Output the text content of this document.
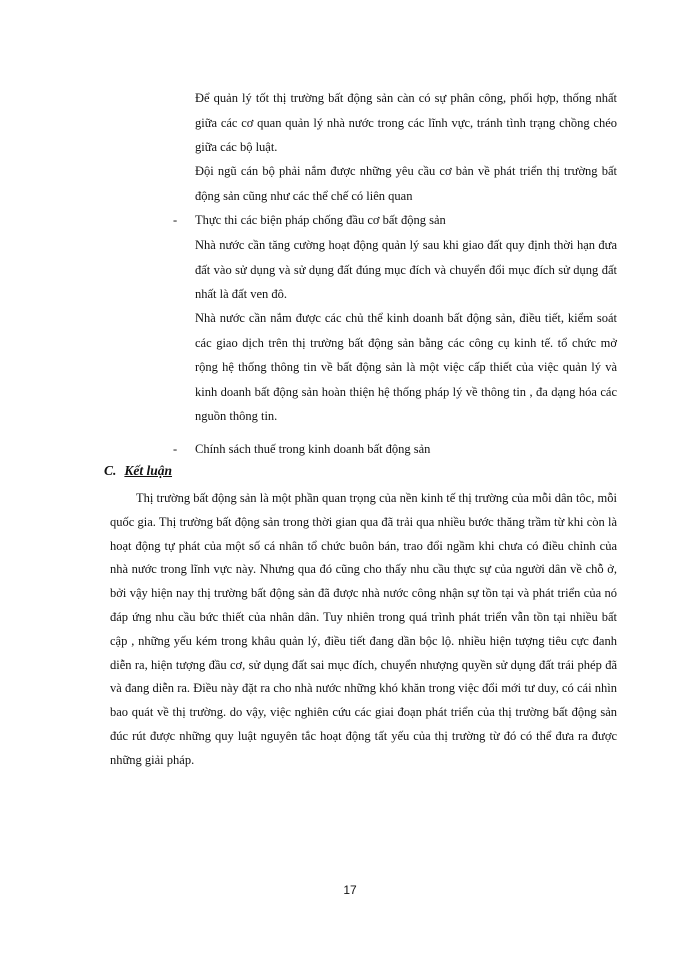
Để quản lý tốt thị trường bất động sản càn có sự phân công, phối hợp, thống nhất giữa các cơ quan quản lý nhà nước trong các lĩnh vực, tránh tình trạng chồng chéo giữa các bộ luật.
Đội ngũ cán bộ phải nắm được những yêu cầu cơ bản về phát triển thị trường bất động sản cũng như các thể chế có liên quan
- Thực thi các biện pháp chống đầu cơ bất động sản
Nhà nước cần tăng cường hoạt động quản lý sau khi giao đất quy định thời hạn đưa đất vào sử dụng và sử dụng đất đúng mục đích và chuyển đổi mục đích sử dụng đất nhất là đất ven đô.
Nhà nước cần nắm được các chủ thể kinh doanh bất động sản, điều tiết, kiểm soát các giao dịch trên thị trường bất động sản bằng các công cụ kinh tế. tổ chức mở rộng hệ thống thông tin về bất động sản là một việc cấp thiết của việc quản lý và kinh doanh bất động sản hoàn thiện hệ thống pháp lý về thông tin , đa dạng hóa các nguồn thông tin.
- Chính sách thuế trong kinh doanh bất động sản
C. Kết luận
Thị trường bất động sản là một phần quan trọng của nền kinh tế thị trường của mỗi dân tôc, mỗi quốc gia. Thị trường bất động sản trong thời gian qua đã trải qua nhiều bước thăng trầm từ khi còn là hoạt động tự phát của một số cá nhân tổ chức buôn bán, trao đổi ngầm khi chưa có điều chỉnh của nhà nước trong lĩnh vực này. Nhưng qua đó cũng cho thấy nhu cầu thực sự của người dân về chỗ ở, bởi vậy hiện nay thị trường bất động sản đã được nhà nước công nhận sự tồn tại và phát triển của nó đáp ứng nhu cầu bức thiết của nhân dân. Tuy nhiên trong quá trình phát triển vẫn tồn tại nhiều bất cập , những yếu kém trong khâu quản lý, điều tiết đang dần bộc lộ. nhiều hiện tượng tiêu cực đanh diễn ra, hiện tượng đầu cơ, sử dụng đất sai mục đích, chuyển nhượng quyền sử dụng đất trái phép đã và đang diễn ra. Điều này đặt ra cho nhà nước những khó khăn trong việc đổi mới tư duy, có cái nhìn bao quát về thị trường. do vậy, việc nghiên cứu các giai đoạn phát triển của thị trường bất động sản đúc rút được những quy luật nguyên tắc hoạt động tất yếu của thị trường từ đó có thể đưa ra được những giải pháp.
17
